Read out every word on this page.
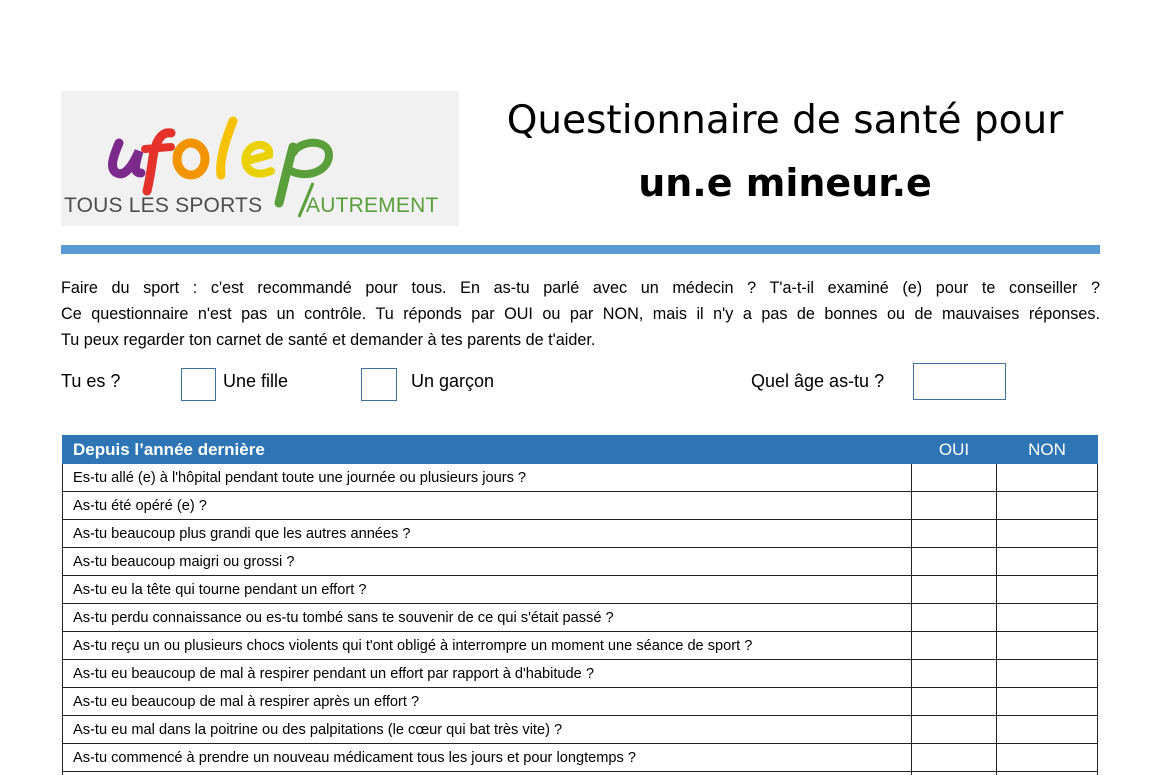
TOUS LES SPORTS AUTREMENT
Questionnaire de santé pour
un.e mineur.e

Faire du sport : c'est recommandé pour tous. En as-tu parlé avec un médecin ? T'a-t-il examiné (e) pour te conseiller ?

Ce questionnaire n'est pas un contrôle. Tu réponds par OUI ou par NON, mais il n'y a pas de bonnes ou de mauvaises réponses.

Tu peux regarder ton carnet de santé et demander à tes parents de t'aider.

Tu es ?	Une fille	Un garçon	Quel âge as-tu ?
Depuis l’année dernière	OUI	NON
Es-tu allé (e) à l'hôpital pendant toute une journée ou plusieurs jours ?		
As-tu été opéré (e) ?		
As-tu beaucoup plus grandi que les autres années ?		
As-tu beaucoup maigri ou grossi ?		
As-tu eu la tête qui tourne pendant un effort ?		
As-tu perdu connaissance ou es-tu tombé sans te souvenir de ce qui s'était passé ?		
As-tu reçu un ou plusieurs chocs violents qui t'ont obligé à interrompre un moment une séance de sport ?		
As-tu eu beaucoup de mal à respirer pendant un effort par rapport à d'habitude ?		
As-tu eu beaucoup de mal à respirer après un effort ?		
As-tu eu mal dans la poitrine ou des palpitations (le cœur qui bat très vite) ?		
As-tu commencé à prendre un nouveau médicament tous les jours et pour longtemps ?		
